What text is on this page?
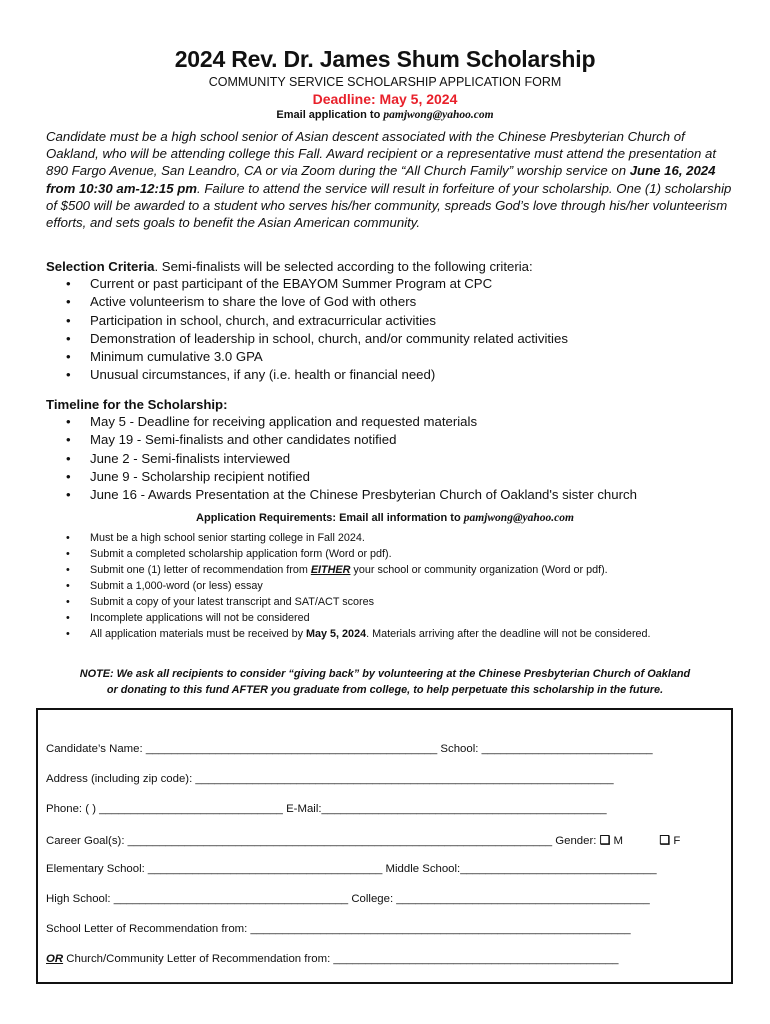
2024 Rev. Dr. James Shum Scholarship
COMMUNITY SERVICE SCHOLARSHIP APPLICATION FORM
Deadline: May 5, 2024
Email application to pamjwong@yahoo.com
Candidate must be a high school senior of Asian descent associated with the Chinese Presbyterian Church of Oakland, who will be attending college this Fall. Award recipient or a representative must attend the presentation at 890 Fargo Avenue, San Leandro, CA or via Zoom during the “All Church Family” worship service on June 16, 2024 from 10:30 am-12:15 pm. Failure to attend the service will result in forfeiture of your scholarship. One (1) scholarship of $500 will be awarded to a student who serves his/her community, spreads God’s love through his/her volunteerism efforts, and sets goals to benefit the Asian American community.
Selection Criteria. Semi-finalists will be selected according to the following criteria:
• Current or past participant of the EBAYOM Summer Program at CPC
• Active volunteerism to share the love of God with others
• Participation in school, church, and extracurricular activities
• Demonstration of leadership in school, church, and/or community related activities
• Minimum cumulative 3.0 GPA
• Unusual circumstances, if any (i.e. health or financial need)
Timeline for the Scholarship:
• May 5 - Deadline for receiving application and requested materials
• May 19 - Semi-finalists and other candidates notified
• June 2 - Semi-finalists interviewed
• June 9 - Scholarship recipient notified
• June 16 - Awards Presentation at the Chinese Presbyterian Church of Oakland's sister church
Application Requirements: Email all information to pamjwong@yahoo.com
• Must be a high school senior starting college in Fall 2024.
• Submit a completed scholarship application form (Word or pdf).
• Submit one (1) letter of recommendation from EITHER your school or community organization (Word or pdf).
• Submit a 1,000-word (or less) essay
• Submit a copy of your latest transcript and SAT/ACT scores
• Incomplete applications will not be considered
• All application materials must be received by May 5, 2024. Materials arriving after the deadline will not be considered.
NOTE: We ask all recipients to consider “giving back” by volunteering at the Chinese Presbyterian Church of Oakland
or donating to this fund AFTER you graduate from college, to help perpetuate this scholarship in the future.
Candidate’s Name: ______________________________________________ School: ___________________________
Address (including zip code): __________________________________________________________________
Phone: ( ) _____________________________ E-Mail:_____________________________________________
Career Goal(s): ___________________________________________________________________ Gender: ❑ M	❑ F
Elementary School: _____________________________________ Middle School:_______________________________
High School: _____________________________________ College: ________________________________________
School Letter of Recommendation from: ____________________________________________________________
OR Church/Community Letter of Recommendation from: _____________________________________________
